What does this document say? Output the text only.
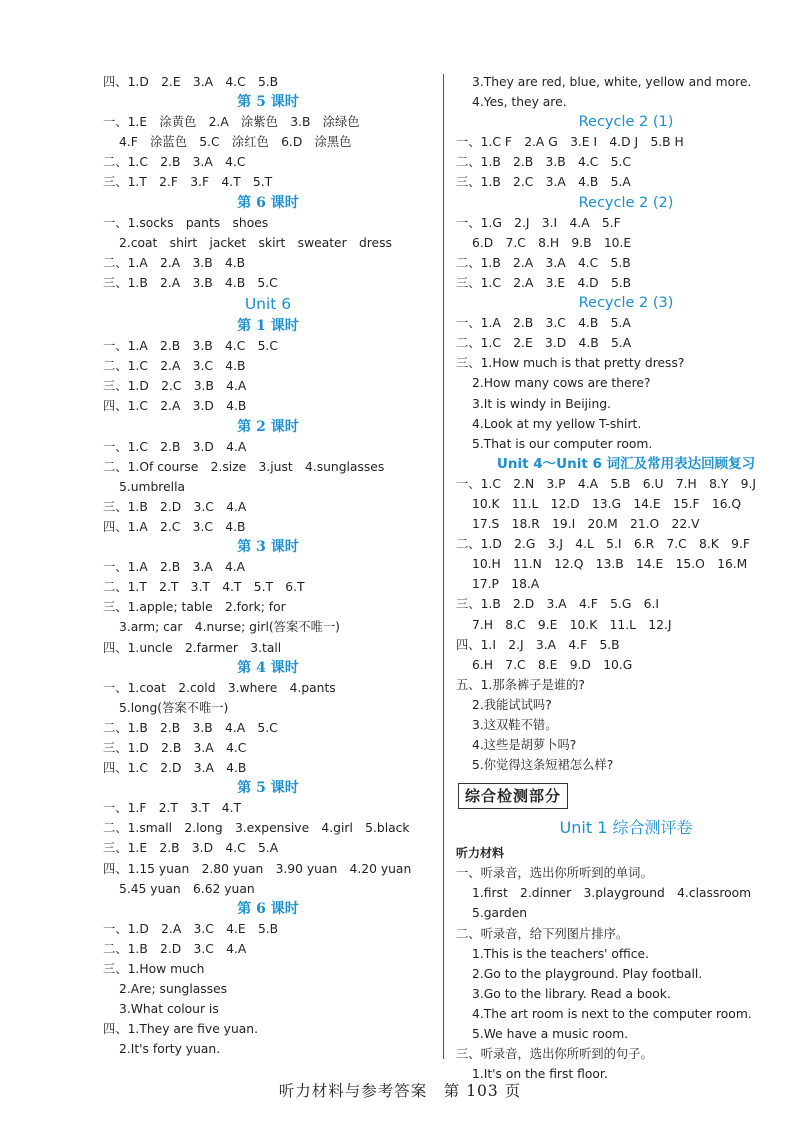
四、1.D　2.E　3.A　4.C　5.B
第 5 课时
一、1.E　涂黄色　2.A　涂紫色　3.B　涂绿色
4.F　涂蓝色　5.C　涂红色　6.D　涂黑色
二、1.C　2.B　3.A　4.C
三、1.T　2.F　3.F　4.T　5.T
第 6 课时
一、1.socks　pants　shoes
2.coat　shirt　jacket　skirt　sweater　dress
二、1.A　2.A　3.B　4.B
三、1.B　2.A　3.B　4.B　5.C
Unit 6
第 1 课时
一、1.A　2.B　3.B　4.C　5.C
二、1.C　2.A　3.C　4.B
三、1.D　2.C　3.B　4.A
四、1.C　2.A　3.D　4.B
第 2 课时
一、1.C　2.B　3.D　4.A
二、1.Of course　2.size　3.just　4.sunglasses
5.umbrella
三、1.B　2.D　3.C　4.A
四、1.A　2.C　3.C　4.B
第 3 课时
一、1.A　2.B　3.A　4.A
二、1.T　2.T　3.T　4.T　5.T　6.T
三、1.apple; table　2.fork; for
3.arm; car　4.nurse; girl(答案不唯一)
四、1.uncle　2.farmer　3.tall
第 4 课时
一、1.coat　2.cold　3.where　4.pants
5.long(答案不唯一)
二、1.B　2.B　3.B　4.A　5.C
三、1.D　2.B　3.A　4.C
四、1.C　2.D　3.A　4.B
第 5 课时
一、1.F　2.T　3.T　4.T
二、1.small　2.long　3.expensive　4.girl　5.black
三、1.E　2.B　3.D　4.C　5.A
四、1.15 yuan　2.80 yuan　3.90 yuan　4.20 yuan
5.45 yuan　6.62 yuan
第 6 课时
一、1.D　2.A　3.C　4.E　5.B
二、1.B　2.D　3.C　4.A
三、1.How much
2.Are; sunglasses
3.What colour is
四、1.They are five yuan.
2.It's forty yuan.
3.They are red, blue, white, yellow and more.
4.Yes, they are.
Recycle 2 (1)
一、1.C F　2.A G　3.E I　4.D J　5.B H
二、1.B　2.B　3.B　4.C　5.C
三、1.B　2.C　3.A　4.B　5.A
Recycle 2 (2)
一、1.G　2.J　3.I　4.A　5.F
6.D　7.C　8.H　9.B　10.E
二、1.B　2.A　3.A　4.C　5.B
三、1.C　2.A　3.E　4.D　5.B
Recycle 2 (3)
一、1.A　2.B　3.C　4.B　5.A
二、1.C　2.E　3.D　4.B　5.A
三、1.How much is that pretty dress?
2.How many cows are there?
3.It is windy in Beijing.
4.Look at my yellow T-shirt.
5.That is our computer room.
Unit 4～Unit 6 词汇及常用表达回顾复习
一、1.C　2.N　3.P　4.A　5.B　6.U　7.H　8.Y　9.J
10.K　11.L　12.D　13.G　14.E　15.F　16.Q
17.S　18.R　19.I　20.M　21.O　22.V
二、1.D　2.G　3.J　4.L　5.I　6.R　7.C　8.K　9.F
10.H　11.N　12.Q　13.B　14.E　15.O　16.M
17.P　18.A
三、1.B　2.D　3.A　4.F　5.G　6.I
7.H　8.C　9.E　10.K　11.L　12.J
四、1.I　2.J　3.A　4.F　5.B
6.H　7.C　8.E　9.D　10.G
五、1.那条裤子是谁的?
2.我能试试吗?
3.这双鞋不错。
4.这些是胡萝卜吗?
5.你觉得这条短裙怎么样?
综合检测部分
Unit 1 综合测评卷
听力材料
一、听录音，选出你所听到的单词。
1.first　2.dinner　3.playground　4.classroom
5.garden
二、听录音，给下列图片排序。
1.This is the teachers' office.
2.Go to the playground. Play football.
3.Go to the library. Read a book.
4.The art room is next to the computer room.
5.We have a music room.
三、听录音，选出你所听到的句子。
1.It's on the first floor.
听力材料与参考答案　第 103 页
